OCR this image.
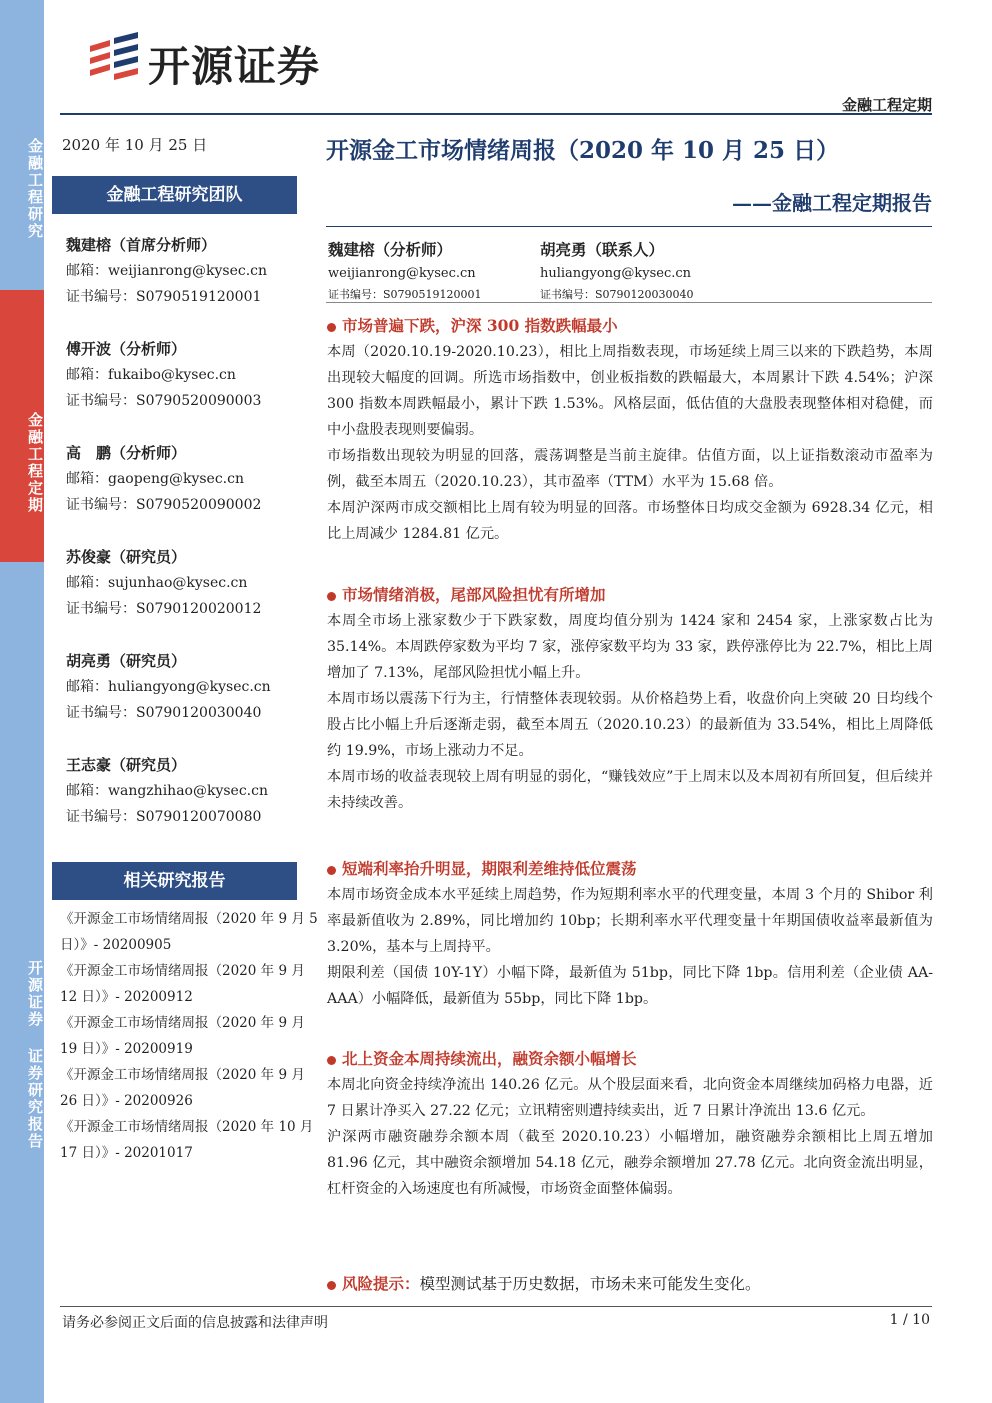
金融工程研究
金融工程定期
开源证券 证券研究报告
开源证券
金融工程定期
2020 年 10 月 25 日
金融工程研究团队
魏建榕（首席分析师）
邮箱：weijianrong@kysec.cn
证书编号：S0790519120001
傅开波（分析师）
邮箱：fukaibo@kysec.cn
证书编号：S0790520090003
高　鹏（分析师）
邮箱：gaopeng@kysec.cn
证书编号：S0790520090002
苏俊豪（研究员）
邮箱：sujunhao@kysec.cn
证书编号：S0790120020012
胡亮勇（研究员）
邮箱：huliangyong@kysec.cn
证书编号：S0790120030040
王志豪（研究员）
邮箱：wangzhihao@kysec.cn
证书编号：S0790120070080
相关研究报告
《开源金工市场情绪周报（2020 年 9 月 5 日）》- 20200905
《开源金工市场情绪周报（2020 年 9 月 12 日）》- 20200912
《开源金工市场情绪周报（2020 年 9 月 19 日）》- 20200919
《开源金工市场情绪周报（2020 年 9 月 26 日）》- 20200926
《开源金工市场情绪周报（2020 年 10 月 17 日）》- 20201017
开源金工市场情绪周报（2020 年 10 月 25 日）
——金融工程定期报告
魏建榕（分析师）
weijianrong@kysec.cn
证书编号：S0790519120001
胡亮勇（联系人）
huliangyong@kysec.cn
证书编号：S0790120030040

市场普遍下跌，沪深 300 指数跌幅最小

本周（2020.10.19-2020.10.23），相比上周指数表现，市场延续上周三以来的下跌趋势，本周出现较大幅度的回调。所选市场指数中，创业板指数的跌幅最大，本周累计下跌 4.54%；沪深 300 指数本周跌幅最小，累计下跌 1.53%。风格层面，低估值的大盘股表现整体相对稳健，而中小盘股表现则要偏弱。

市场指数出现较为明显的回落，震荡调整是当前主旋律。估值方面，以上证指数滚动市盈率为例，截至本周五（2020.10.23），其市盈率（TTM）水平为 15.68 倍。

本周沪深两市成交额相比上周有较为明显的回落。市场整体日均成交金额为 6928.34 亿元，相比上周减少 1284.81 亿元。

市场情绪消极，尾部风险担忧有所增加

本周全市场上涨家数少于下跌家数，周度均值分别为 1424 家和 2454 家，上涨家数占比为 35.14%。本周跌停家数为平均 7 家，涨停家数平均为 33 家，跌停涨停比为 22.7%，相比上周增加了 7.13%，尾部风险担忧小幅上升。

本周市场以震荡下行为主，行情整体表现较弱。从价格趋势上看，收盘价向上突破 20 日均线个股占比小幅上升后逐渐走弱，截至本周五（2020.10.23）的最新值为 33.54%，相比上周降低约 19.9%，市场上涨动力不足。

本周市场的收益表现较上周有明显的弱化，“赚钱效应”于上周末以及本周初有所回复，但后续并未持续改善。

短端利率抬升明显，期限利差维持低位震荡

本周市场资金成本水平延续上周趋势，作为短期利率水平的代理变量，本周 3 个月的 Shibor 利率最新值收为 2.89%，同比增加约 10bp；长期利率水平代理变量十年期国债收益率最新值为 3.20%，基本与上周持平。

期限利差（国债 10Y-1Y）小幅下降，最新值为 51bp，同比下降 1bp。信用利差（企业债 AA-AAA）小幅降低，最新值为 55bp，同比下降 1bp。

北上资金本周持续流出，融资余额小幅增长

本周北向资金持续净流出 140.26 亿元。从个股层面来看，北向资金本周继续加码格力电器，近 7 日累计净买入 27.22 亿元；立讯精密则遭持续卖出，近 7 日累计净流出 13.6 亿元。

沪深两市融资融券余额本周（截至 2020.10.23）小幅增加，融资融券余额相比上周五增加 81.96 亿元，其中融资余额增加 54.18 亿元，融券余额增加 27.78 亿元。北向资金流出明显，杠杆资金的入场速度也有所减慢，市场资金面整体偏弱。

风险提示：模型测试基于历史数据，市场未来可能发生变化。
请务必参阅正文后面的信息披露和法律声明	1 / 10
